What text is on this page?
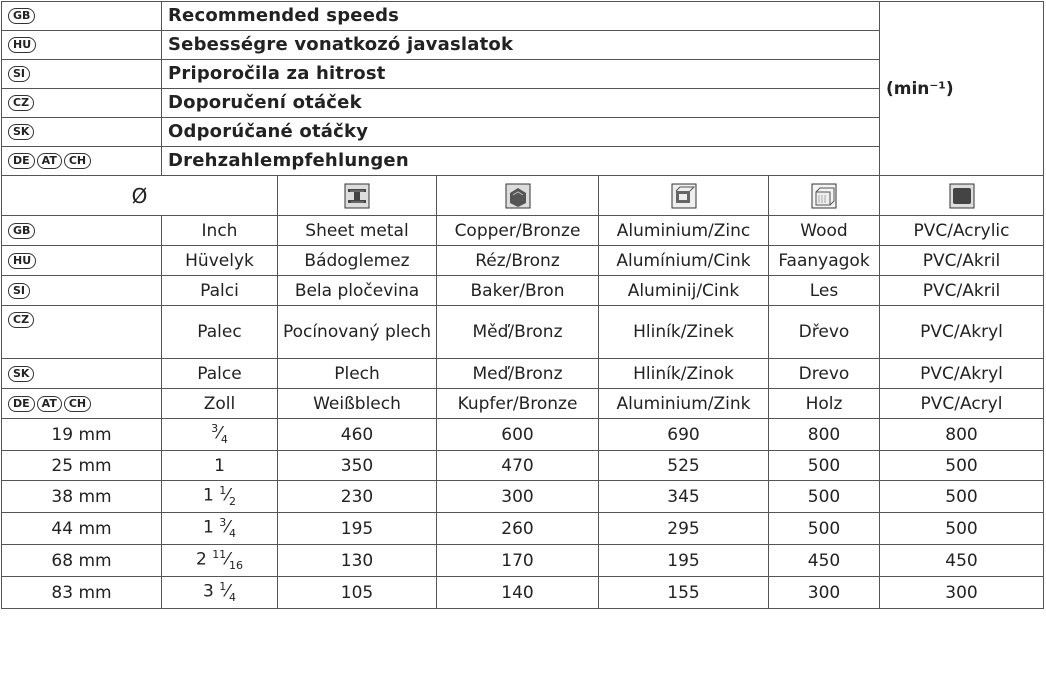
GB	Recommended speeds					(min⁻¹)
HU	Sebességre vonatkozó javaslatok					
SI	Priporočila za hitrost					
CZ	Doporučení otáček					
SK	Odporúčané otáčky					
DE AT CH	Drehzahlempfehlungen					
Ø	

GB	Inch	Sheet metal	Copper/Bronze	Aluminium/Zinc	Wood	PVC/Acrylic
HU	Hüvelyk	Bádoglemez	Réz/Bronz	Alumínium/Cink	Faanyagok	PVC/Akril
SI	Palci	Bela pločevina	Baker/Bron	Aluminij/Cink	Les	PVC/Akril
CZ	Palec	Pocínovaný plech	Měď/Bronz	Hliník/Zinek	Dřevo	PVC/Akryl
SK	Palce	Plech	Meď/Bronz	Hliník/Zinok	Drevo	PVC/Akryl
DE AT CH	Zoll	Weißblech	Kupfer/Bronze	Aluminium/Zink	Holz	PVC/Acryl
19 mm	$^3⁄_4$	460	600	690	800	800
25 mm	1	350	470	525	500	500
38 mm	1 $^1⁄_2$	230	300	345	500	500
44 mm	1 $^3⁄_4$	195	260	295	500	500
68 mm	2 $^{11}⁄_{16}$	130	170	195	450	450
83 mm	3 $^1⁄_4$	105	140	155	300	300
